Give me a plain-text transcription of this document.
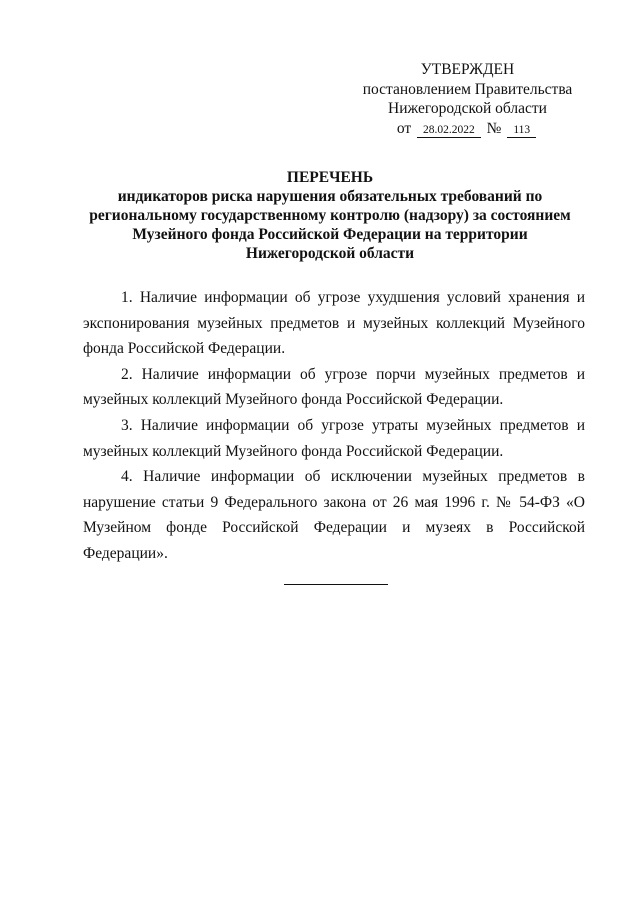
УТВЕРЖДЕН
постановлением Правительства
Нижегородской области
от 28.02.2022 № 113
ПЕРЕЧЕНЬ
индикаторов риска нарушения обязательных требований по региональному государственному контролю (надзору) за состоянием Музейного фонда Российской Федерации на территории Нижегородской области

1. Наличие информации об угрозе ухудшения условий хранения и экспонирования музейных предметов и музейных коллекций Музейного фонда Российской Федерации.

2. Наличие информации об угрозе порчи музейных предметов и музейных коллекций Музейного фонда Российской Федерации.

3. Наличие информации об угрозе утраты музейных предметов и музейных коллекций Музейного фонда Российской Федерации.

4. Наличие информации об исключении музейных предметов в нарушение статьи 9 Федерального закона от 26 мая 1996 г. № 54-ФЗ «О Музейном фонде Российской Федерации и музеях в Российской Федерации».
